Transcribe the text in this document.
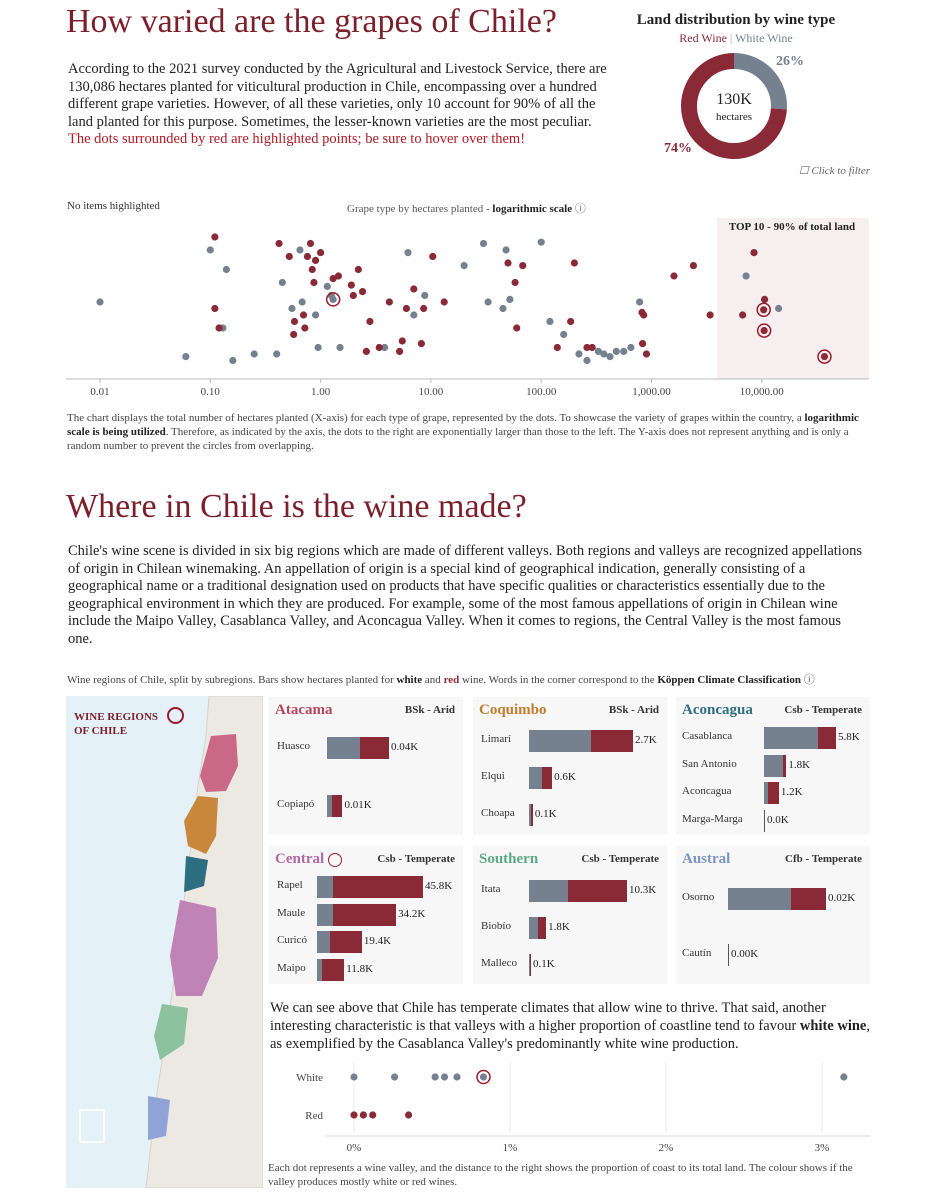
How varied are the grapes of Chile?
According to the 2021 survey conducted by the Agricultural and Livestock Service, there are 130,086 hectares planted for viticultural production in Chile, encompassing over a hundred different grape varieties. However, of all these varieties, only 10 account for 90% of all the land planted for this purpose. Sometimes, the lesser-known varieties are the most peculiar. The dots surrounded by red are highlighted points; be sure to hover over them!
Land distribution by wine type
Red Wine | White Wine
130K
hectares
26%
74%
☐ Click to filter
No items highlighted	Grape type by hectares planted - logarithmic scale ⓘ
TOP 10 - 90% of total land
0.01	0.10	1.00	10.00	100.00	1,000.00	10,000.00
The chart displays the total number of hectares planted (X-axis) for each type of grape, represented by the dots. To showcase the variety of grapes within the country, a logarithmic scale is being utilized. Therefore, as indicated by the axis, the dots to the right are exponentially larger than those to the left. The Y-axis does not represent anything and is only a random number to prevent the circles from overlapping.
Where in Chile is the wine made?
Chile's wine scene is divided in six big regions which are made of different valleys. Both regions and valleys are recognized appellations of origin in Chilean winemaking. An appellation of origin is a special kind of geographical indication, generally consisting of a geographical name or a traditional designation used on products that have specific qualities or characteristics essentially due to the geographical environment in which they are produced. For example, some of the most famous appellations of origin in Chilean wine include the Maipo Valley, Casablanca Valley, and Aconcagua Valley. When it comes to regions, the Central Valley is the most famous one.
Wine regions of Chile, split by subregions. Bars show hectares planted for white and red wine. Words in the corner correspond to the Köppen Climate Classification ⓘ
WINE REGIONS
OF CHILE
Atacama	BSk - Arid
Huasco	0.04K
Copiapó	0.01K
Coquimbo	BSk - Arid
Limarí	2.7K
Elqui	0.6K
Choapa 0.1K
Aconcagua	Csb - Temperate
Casablanca	5.8K
San Antonio	1.8K
Aconcagua	1.2K
Marga-Marga 0.0K
Central	Csb - Temperate
Rapel	45.8K
Maule	34.2K
Curicó	19.4K
Maipo	11.8K
Southern	Csb - Temperate
Itata	10.3K
Biobío	1.8K
Malleco 0.1K
Austral	Cfb - Temperate
Osorno	0.02K
Cautín 0.00K
We can see above that Chile has temperate climates that allow wine to thrive. That said, another interesting characteristic is that valleys with a higher proportion of coastline tend to favour white wine, as exemplified by the Casablanca Valley's predominantly white wine production.
0%	1%	2%	3%
White
Red
Each dot represents a wine valley, and the distance to the right shows the proportion of coast to its total land. The colour shows if the valley produces mostly white or red wines.
